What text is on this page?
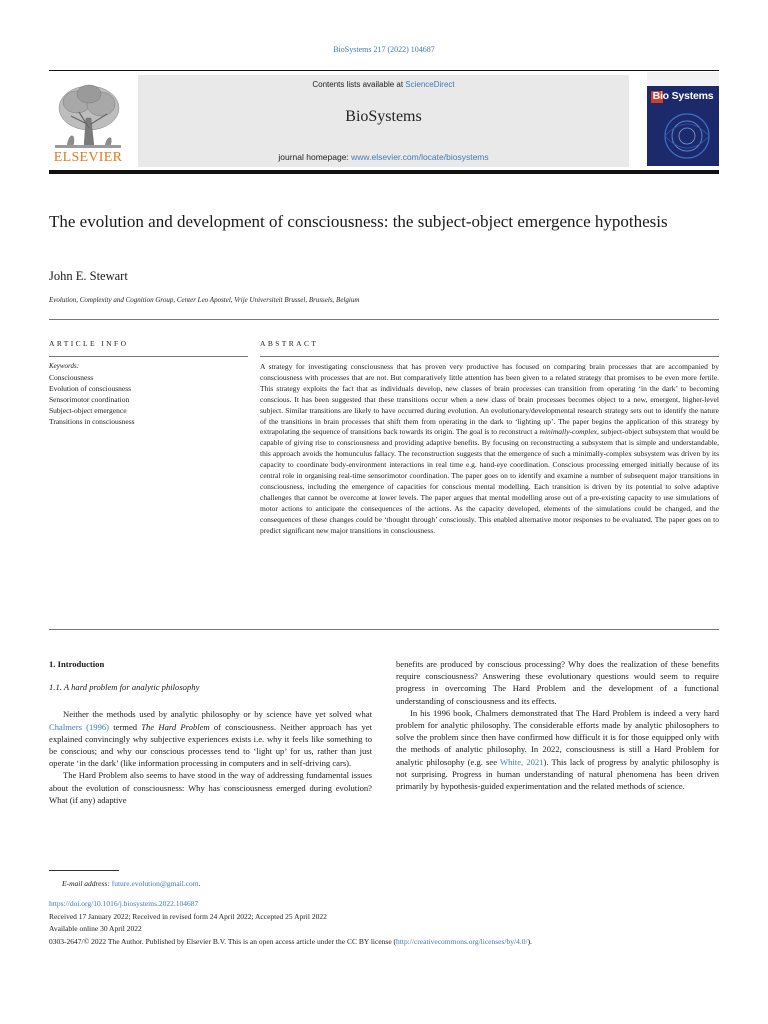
BioSystems 217 (2022) 104687
ELSEVIER
Contents lists available at ScienceDirect
BioSystems
journal homepage: www.elsevier.com/locate/biosystems
Bio Systems
The evolution and development of consciousness: the subject-object emergence hypothesis
John E. Stewart
Evolution, Complexity and Cognition Group, Center Leo Apostel, Vrije Universiteit Brussel, Brussels, Belgium
ARTICLE INFO
Keywords:
Consciousness
Evolution of consciousness
Sensorimotor coordination
Subject-object emergence
Transitions in consciousness
ABSTRACT
A strategy for investigating consciousness that has proven very productive has focused on comparing brain processes that are accompanied by consciousness with processes that are not. But comparatively little attention has been given to a related strategy that promises to be even more fertile. This strategy exploits the fact that as individuals develop, new classes of brain processes can transition from operating ‘in the dark’ to becoming conscious. It has been suggested that these transitions occur when a new class of brain processes becomes object to a new, emergent, higher-level subject. Similar transitions are likely to have occurred during evolution. An evolutionary/developmental research strategy sets out to identify the nature of the transitions in brain processes that shift them from operating in the dark to ‘lighting up’. The paper begins the application of this strategy by extrapolating the sequence of transitions back towards its origin. The goal is to reconstruct a minimally-complex, subject-object subsystem that would be capable of giving rise to consciousness and providing adaptive benefits. By focusing on reconstructing a subsystem that is simple and understandable, this approach avoids the homunculus fallacy. The reconstruction suggests that the emergence of such a minimally-complex subsystem was driven by its capacity to coordinate body-environment interactions in real time e.g. hand-eye coordination. Conscious processing emerged initially because of its central role in organising real-time sensorimotor coordination. The paper goes on to identify and examine a number of subsequent major transitions in consciousness, including the emergence of capacities for conscious mental modelling. Each transition is driven by its potential to solve adaptive challenges that cannot be overcome at lower levels. The paper argues that mental modelling arose out of a pre-existing capacity to use simulations of motor actions to anticipate the consequences of the actions. As the capacity developed, elements of the simulations could be changed, and the consequences of these changes could be ‘thought through’ consciously. This enabled alternative motor responses to be evaluated. The paper goes on to predict significant new major transitions in consciousness.
1. Introduction
1.1. A hard problem for analytic philosophy

Neither the methods used by analytic philosophy or by science have yet solved what Chalmers (1996) termed The Hard Problem of consciousness. Neither approach has yet explained convincingly why subjective experiences exists i.e. why it feels like something to be conscious; and why our conscious processes tend to ‘light up’ for us, rather than just operate ‘in the dark’ (like information processing in computers and in self-driving cars).

The Hard Problem also seems to have stood in the way of addressing fundamental issues about the evolution of consciousness: Why has consciousness emerged during evolution? What (if any) adaptive

benefits are produced by conscious processing? Why does the realization of these benefits require consciousness? Answering these evolutionary questions would seem to require progress in overcoming The Hard Problem and the development of a functional understanding of consciousness and its effects.

In his 1996 book, Chalmers demonstrated that The Hard Problem is indeed a very hard problem for analytic philosophy. The considerable efforts made by analytic philosophers to solve the problem since then have confirmed how difficult it is for those equipped only with the methods of analytic philosophy. In 2022, consciousness is still a Hard Problem for analytic philosophy (e.g. see White, 2021). This lack of progress by analytic philosophy is not surprising. Progress in human understanding of natural phenomena has been driven primarily by hypothesis-guided experimentation and the related methods of science.

E-mail address: future.evolution@gmail.com.
https://doi.org/10.1016/j.biosystems.2022.104687
Received 17 January 2022; Received in revised form 24 April 2022; Accepted 25 April 2022
Available online 30 April 2022
0303-2647/© 2022 The Author. Published by Elsevier B.V. This is an open access article under the CC BY license (http://creativecommons.org/licenses/by/4.0/).
